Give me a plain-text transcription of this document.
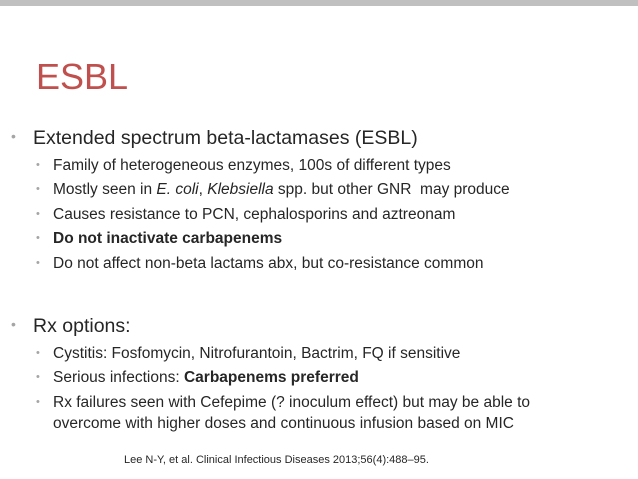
ESBL
• Extended spectrum beta-lactamases (ESBL)
• Family of heterogeneous enzymes, 100s of different types
• Mostly seen in E. coli, Klebsiella spp. but other GNR  may produce
• Causes resistance to PCN, cephalosporins and aztreonam
• Do not inactivate carbapenems
• Do not affect non-beta lactams abx, but co-resistance common
• Rx options:
• Cystitis: Fosfomycin, Nitrofurantoin, Bactrim, FQ if sensitive
• Serious infections: Carbapenems preferred
• Rx failures seen with Cefepime (? inoculum effect) but may be able to
overcome with higher doses and continuous infusion based on MIC
Lee N-Y, et al. Clinical Infectious Diseases 2013;56(4):488–95.
